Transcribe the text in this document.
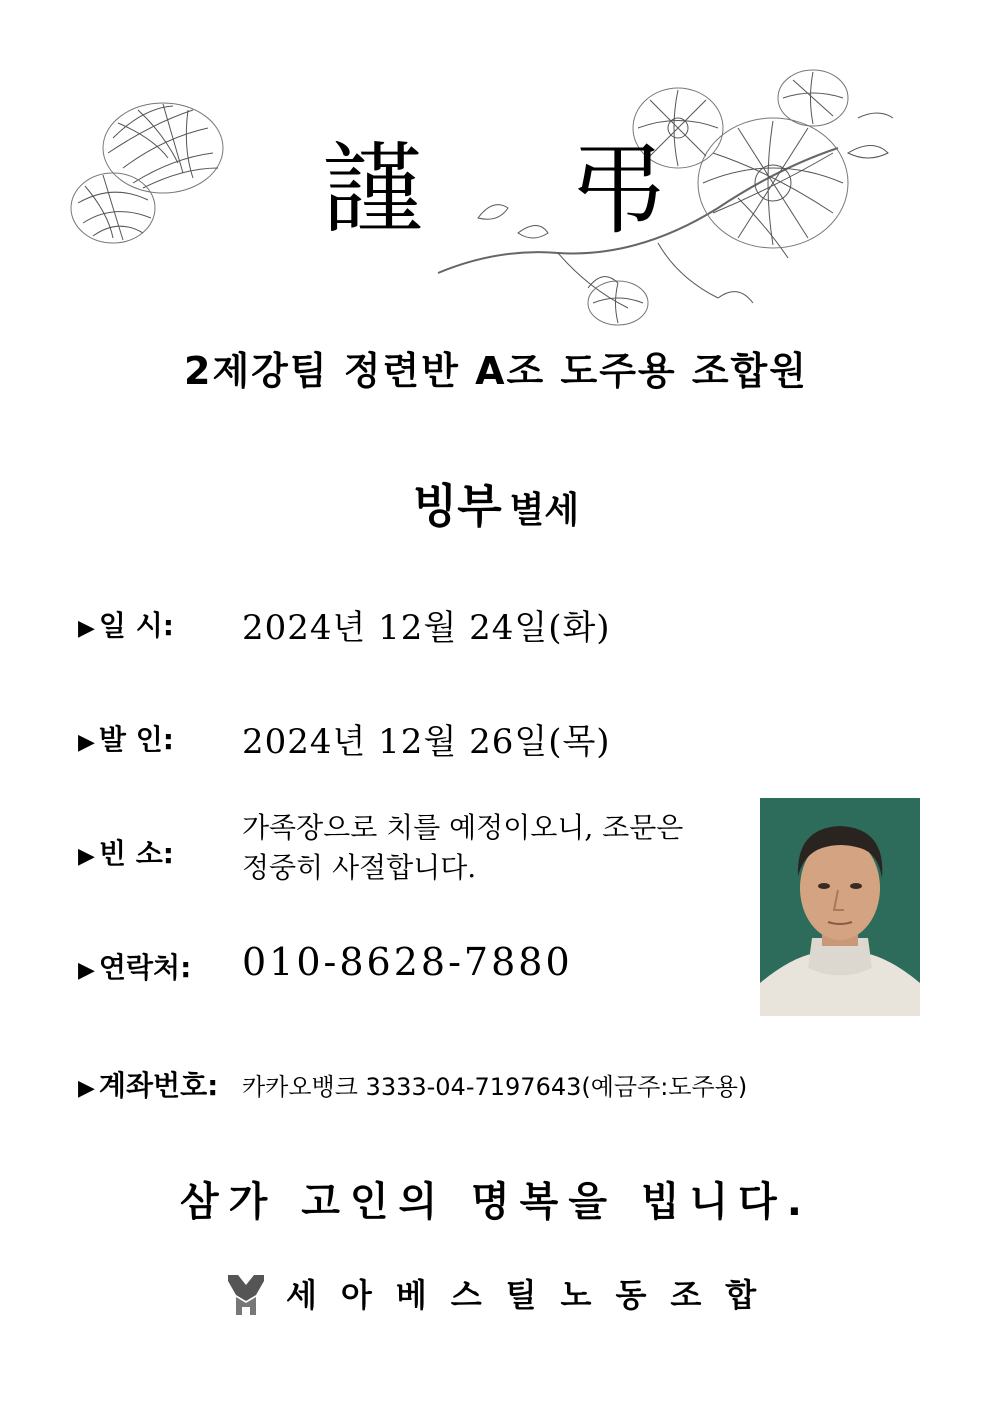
謹 弔
2제강팀 정련반 A조 도주용 조합원
빙부 별세
▶ 일 시: 2024년 12월 24일(화)
▶ 발 인: 2024년 12월 26일(목)
▶ 빈 소:
가족장으로 치를 예정이오니, 조문은
정중히 사절합니다.
▶ 연락처: 010-8628-7880
▶ 계좌번호: 카카오뱅크 3333-04-7197643(예금주:도주용)
삼가 고인의 명복을 빕니다.
세아베스틸노동조합
